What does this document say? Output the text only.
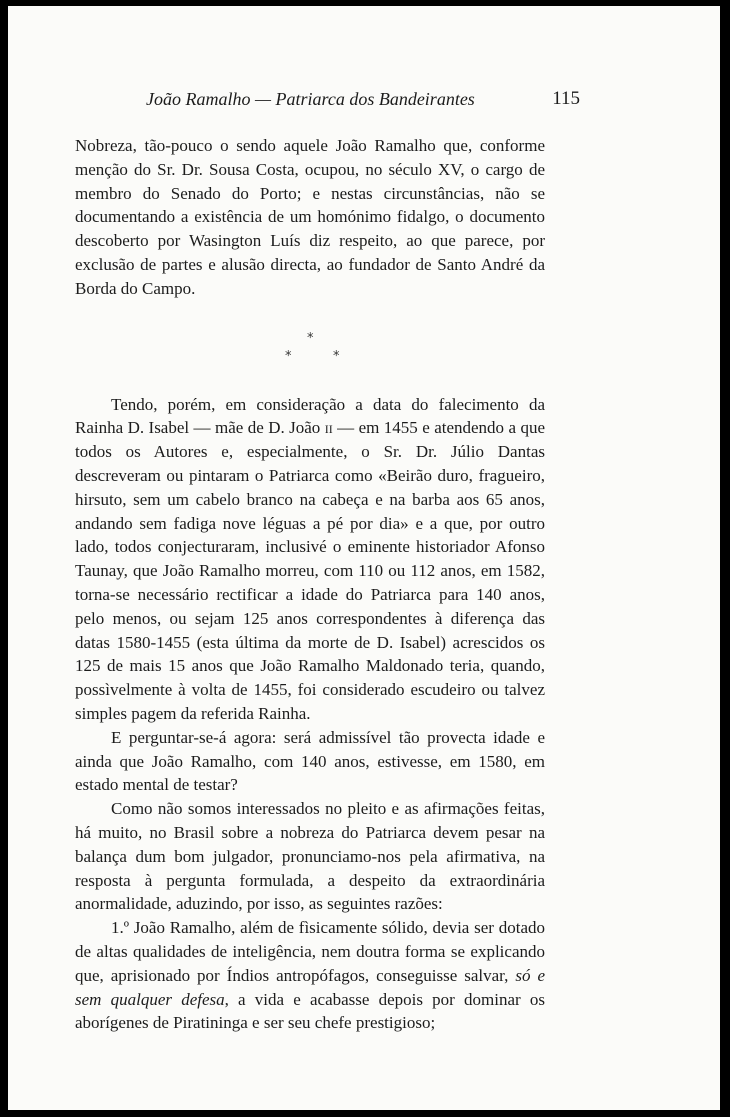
João Ramalho — Patriarca dos Bandeirantes	115

Nobreza, tão-pouco o sendo aquele João Ramalho que, conforme menção do Sr. Dr. Sousa Costa, ocupou, no século XV, o cargo de membro do Senado do Porto; e nestas circunstâncias, não se documentando a existência de um homónimo fidalgo, o documento descoberto por Wasington Luís diz respeito, ao que parece, por exclusão de partes e alusão directa, ao fundador de Santo André da Borda do Campo.

*
*	*

Tendo, porém, em consideração a data do falecimento da Rainha D. Isabel — mãe de D. João ii — em 1455 e atendendo a que todos os Autores e, especialmente, o Sr. Dr. Júlio Dantas descreveram ou pintaram o Patriarca como «Beirão duro, fragueiro, hirsuto, sem um cabelo branco na cabeça e na barba aos 65 anos, andando sem fadiga nove léguas a pé por dia» e a que, por outro lado, todos conjecturaram, inclusivé o eminente historiador Afonso Taunay, que João Ramalho morreu, com 110 ou 112 anos, em 1582, torna-se necessário rectificar a idade do Patriarca para 140 anos, pelo menos, ou sejam 125 anos correspondentes à diferença das datas 1580-1455 (esta última da morte de D. Isabel) acrescidos os 125 de mais 15 anos que João Ramalho Maldonado teria, quando, possìvelmente à volta de 1455, foi considerado escudeiro ou talvez simples pagem da referida Rainha.

E perguntar-se-á agora: será admissível tão provecta idade e ainda que João Ramalho, com 140 anos, estivesse, em 1580, em estado mental de testar?

Como não somos interessados no pleito e as afirmações feitas, há muito, no Brasil sobre a nobreza do Patriarca devem pesar na balança dum bom julgador, pronunciamo-nos pela afirmativa, na resposta à pergunta formulada, a despeito da extraordinária anormalidade, aduzindo, por isso, as seguintes razões:

1.º João Ramalho, além de fìsicamente sólido, devia ser dotado de altas qualidades de inteligência, nem doutra forma se explicando que, aprisionado por Índios antropófagos, conseguisse salvar, só e sem qualquer defesa, a vida e acabasse depois por dominar os aborígenes de Piratininga e ser seu chefe prestigioso;
